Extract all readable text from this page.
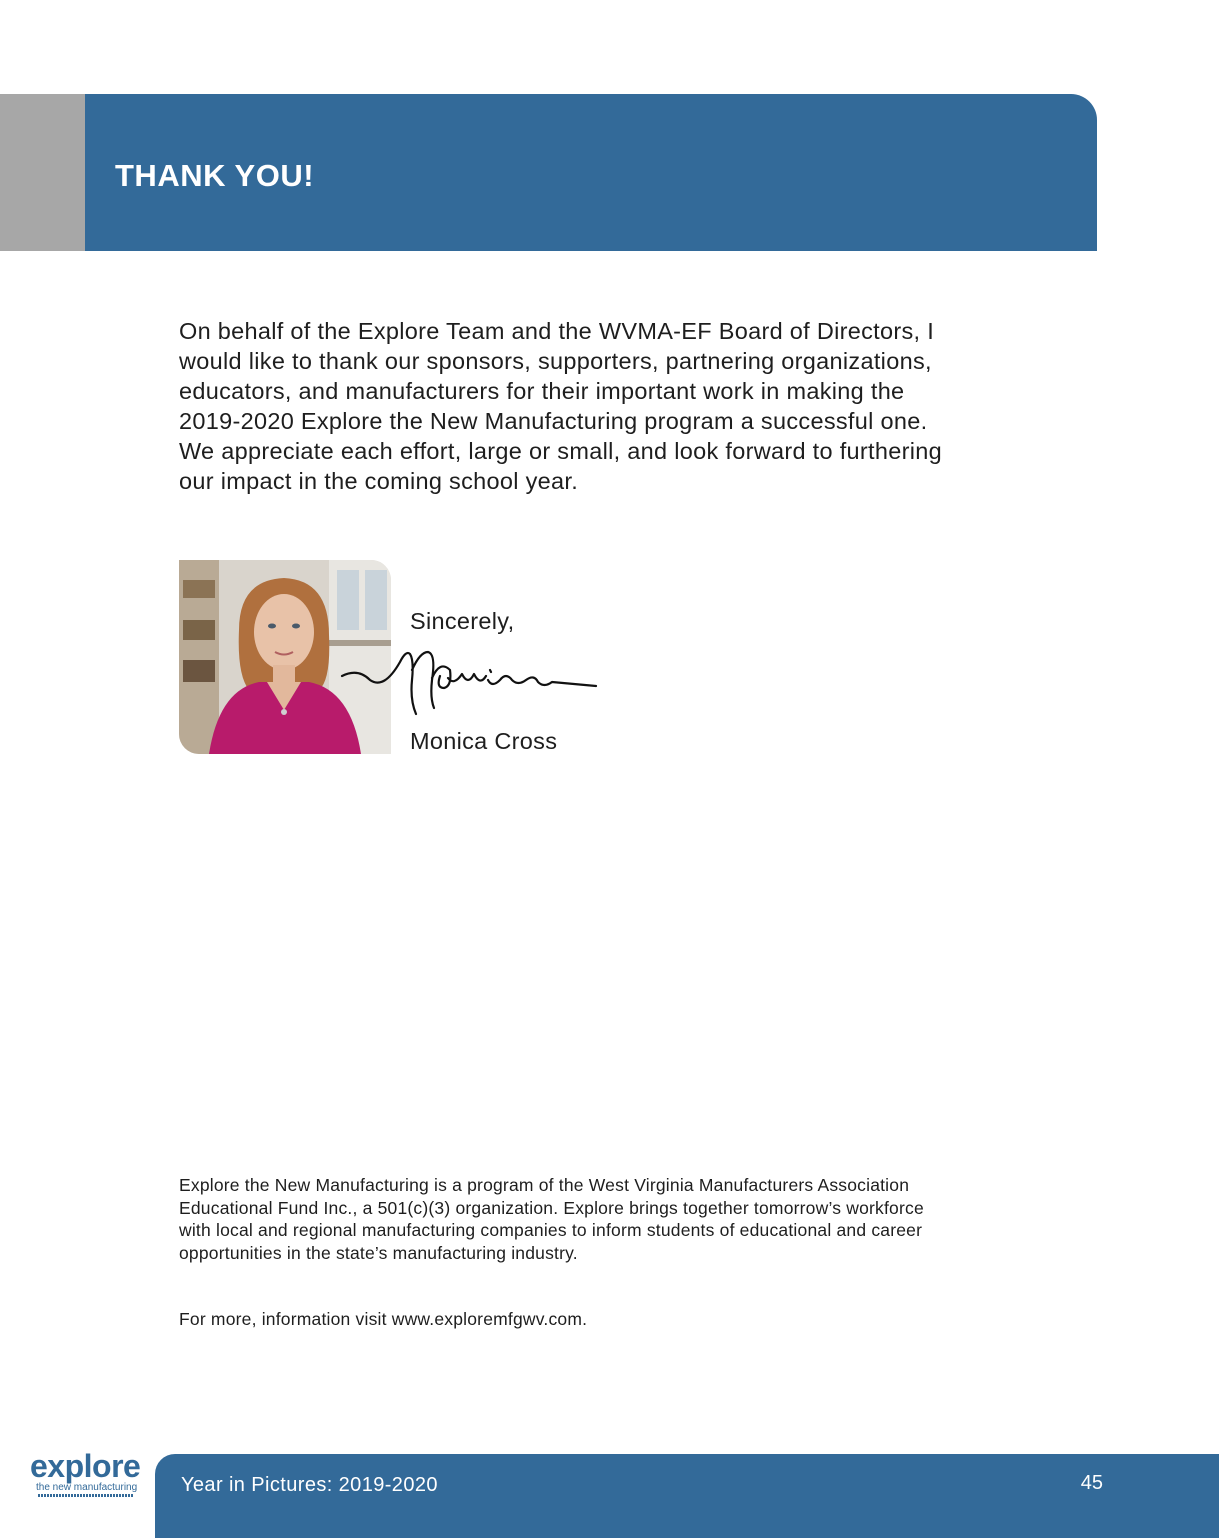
THANK YOU!

On behalf of the Explore Team and the WVMA-EF Board of Directors, I would like to thank our sponsors, supporters, partnering organizations, educators, and manufacturers for their important work in making the 2019-2020 Explore the New Manufacturing program a successful one. We appreciate each effort, large or small, and look forward to furthering our impact in the coming school year.

Sincerely,
Monica Cross

Explore the New Manufacturing is a program of the West Virginia Manufacturers Association Educational Fund Inc., a 501(c)(3) organization. Explore brings together tomorrow’s workforce with local and regional manufacturing companies to inform students of educational and career opportunities in the state’s manufacturing industry.

For more, information visit www.exploremfgwv.com.

explore
the new manufacturing Year in Pictures: 2019-2020	45
